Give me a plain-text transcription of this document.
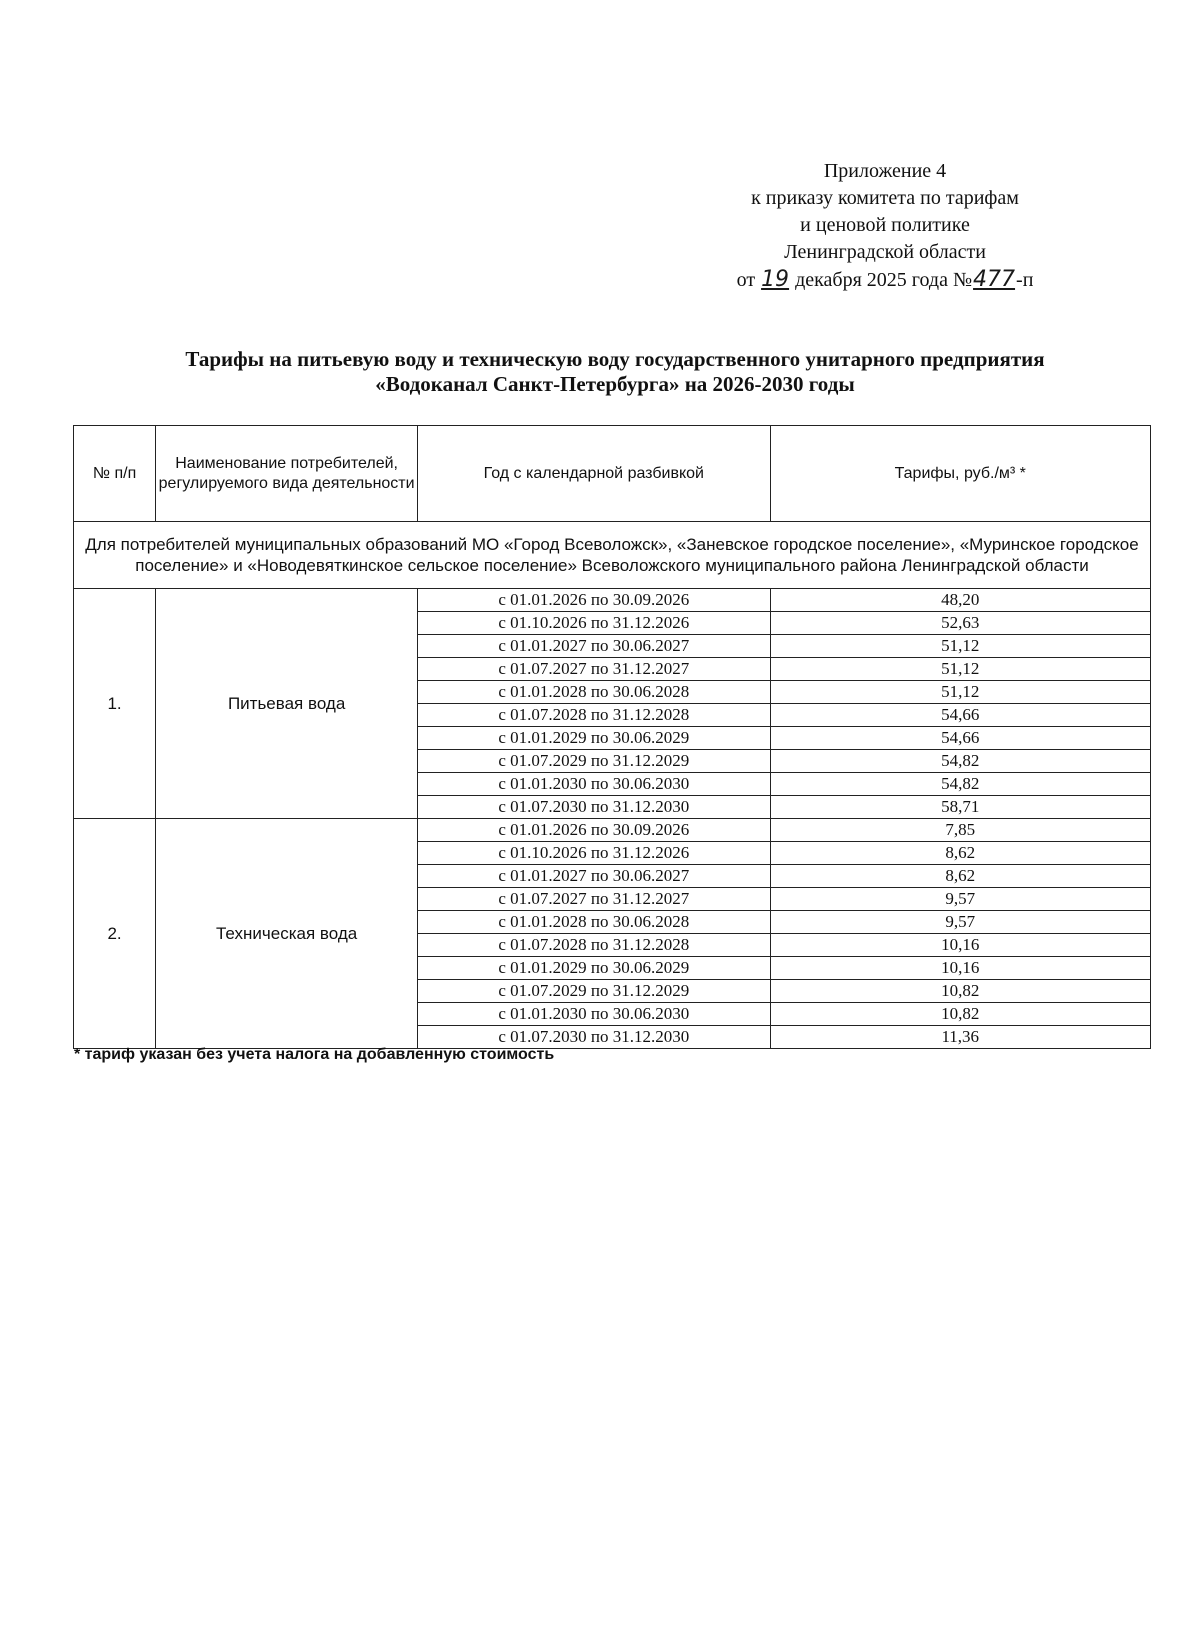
Приложение 4
к приказу комитета по тарифам
и ценовой политике
Ленинградской области
от 19 декабря 2025 года №477-п
Тарифы на питьевую воду и техническую воду государственного унитарного предприятия
«Водоканал Санкт-Петербурга» на 2026-2030 годы
№ п/п	Наименование потребителей, регулируемого вида деятельности	Год с календарной разбивкой	Тарифы, руб./м³ *
Для потребителей муниципальных образований МО «Город Всеволожск», «Заневское городское поселение», «Муринское городское поселение» и «Новодевяткинское сельское поселение» Всеволожского муниципального района Ленинградской области			
1.	Питьевая вода	с 01.01.2026 по 30.09.2026	48,20
		с 01.10.2026 по 31.12.2026	52,63
		с 01.01.2027 по 30.06.2027	51,12
		с 01.07.2027 по 31.12.2027	51,12
		с 01.01.2028 по 30.06.2028	51,12
		с 01.07.2028 по 31.12.2028	54,66
		с 01.01.2029 по 30.06.2029	54,66
		с 01.07.2029 по 31.12.2029	54,82
		с 01.01.2030 по 30.06.2030	54,82
		с 01.07.2030 по 31.12.2030	58,71
2.	Техническая вода	с 01.01.2026 по 30.09.2026	7,85
		с 01.10.2026 по 31.12.2026	8,62
		с 01.01.2027 по 30.06.2027	8,62
		с 01.07.2027 по 31.12.2027	9,57
		с 01.01.2028 по 30.06.2028	9,57
		с 01.07.2028 по 31.12.2028	10,16
		с 01.01.2029 по 30.06.2029	10,16
		с 01.07.2029 по 31.12.2029	10,82
		с 01.01.2030 по 30.06.2030	10,82
		с 01.07.2030 по 31.12.2030	11,36
* тариф указан без учета налога на добавленную стоимость
